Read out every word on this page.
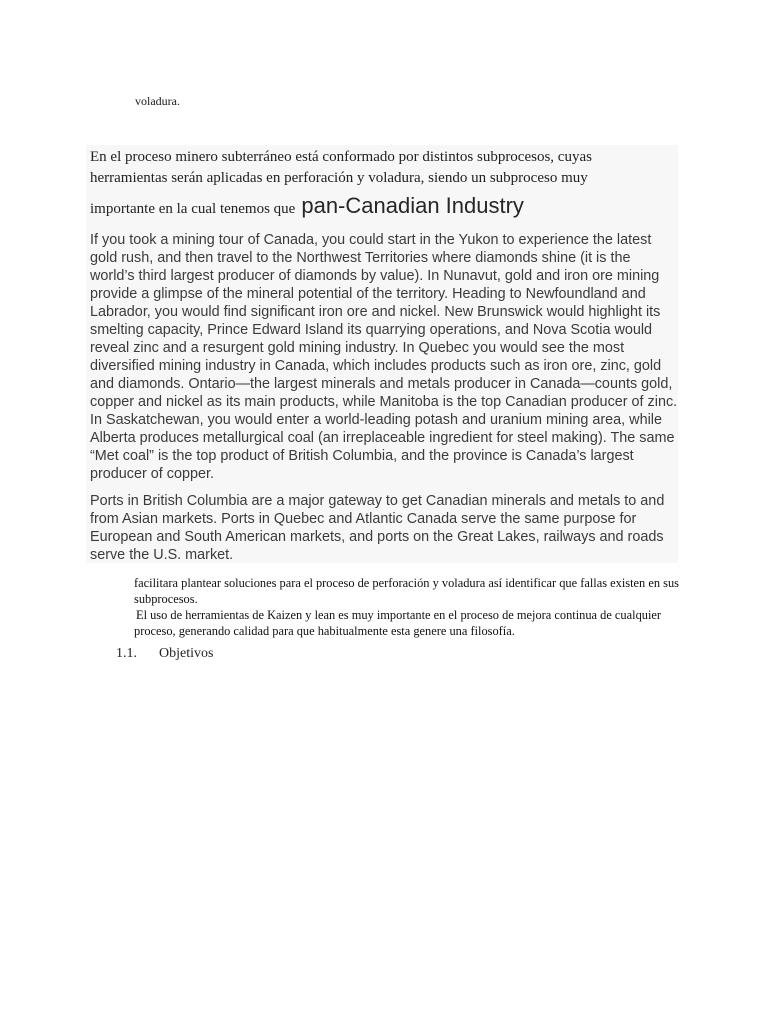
voladura.
En el proceso minero subterráneo está conformado por distintos subprocesos, cuyas
herramientas serán aplicadas en perforación y voladura, siendo un subproceso muy
importante en la cual tenemos que pan-Canadian Industry

If you took a mining tour of Canada, you could start in the Yukon to experience the latest gold rush, and then travel to the Northwest Territories where diamonds shine (it is the world’s third largest producer of diamonds by value). In Nunavut, gold and iron ore mining provide a glimpse of the mineral potential of the territory. Heading to Newfoundland and Labrador, you would find significant iron ore and nickel. New Brunswick would highlight its smelting capacity, Prince Edward Island its quarrying operations, and Nova Scotia would reveal zinc and a resurgent gold mining industry. In Quebec you would see the most diversified mining industry in Canada, which includes products such as iron ore, zinc, gold and diamonds. Ontario—the largest minerals and metals producer in Canada—counts gold, copper and nickel as its main products, while Manitoba is the top Canadian producer of zinc. In Saskatchewan, you would enter a world-leading potash and uranium mining area, while Alberta produces metallurgical coal (an irreplaceable ingredient for steel making). The same “Met coal” is the top product of British Columbia, and the province is Canada’s largest producer of copper.

Ports in British Columbia are a major gateway to get Canadian minerals and metals to and from Asian markets. Ports in Quebec and Atlantic Canada serve the same purpose for European and South American markets, and ports on the Great Lakes, railways and roads serve the U.S. market.

facilitara plantear soluciones para el proceso de perforación y voladura así identificar que fallas existen en sus subprocesos.

El uso de herramientas de Kaizen y lean es muy importante en el proceso de mejora continua de cualquier proceso, generando calidad para que habitualmente esta genere una filosofía.

1.1. Objetivos
